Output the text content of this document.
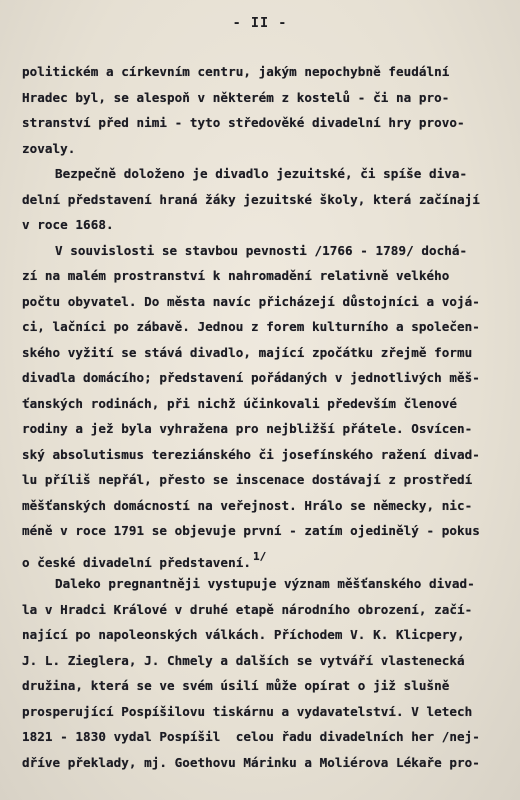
- II -
politickém a církevním centru, jakým nepochybně feudální
Hradec byl, se alespoň v některém z kostelů - či na pro-
stranství před nimi - tyto středověké divadelní hry provo-
zovaly.
Bezpečně doloženo je divadlo jezuitské, či spíše diva-
delní představení hraná žáky jezuitské školy, která začínají
v roce 1668.
V souvislosti se stavbou pevnosti /1766 - 1789/ dochá-
zí na malém prostranství k nahromadění relativně velkého
počtu obyvatel. Do města navíc přicházejí důstojníci a vojá-
ci, lačníci po zábavě. Jednou z forem kulturního a společen-
ského vyžití se stává divadlo, mající zpočátku zřejmě formu
divadla domácího; představení pořádaných v jednotlivých měš-
ťanských rodinách, při nichž účinkovali především členové
rodiny a jež byla vyhražena pro nejbližší přátele. Osvícen-
ský absolutismus tereziánského či josefínského ražení divad-
lu příliš nepřál, přesto se inscenace dostávají z prostředí
měšťanských domácností na veřejnost. Hrálo se německy, nic-
méně v roce 1791 se objevuje první - zatím ojedinělý - pokus
o české divadelní představení. 1/
Daleko pregnantněji vystupuje význam měšťanského divad-
la v Hradci Králové v druhé etapě národního obrození, začí-
nající po napoleonských válkách. Příchodem V. K. Klicpery,
J. L. Zieglera, J. Chmely a dalších se vytváří vlastenecká
družina, která se ve svém úsilí může opírat o již slušně
prosperující Pospíšilovu tiskárnu a vydavatelství. V letech
1821 - 1830 vydal Pospíšil  celou řadu divadelních her /nej-
dříve překlady, mj. Goethovu Márinku a Moliérova Lékaře pro-
